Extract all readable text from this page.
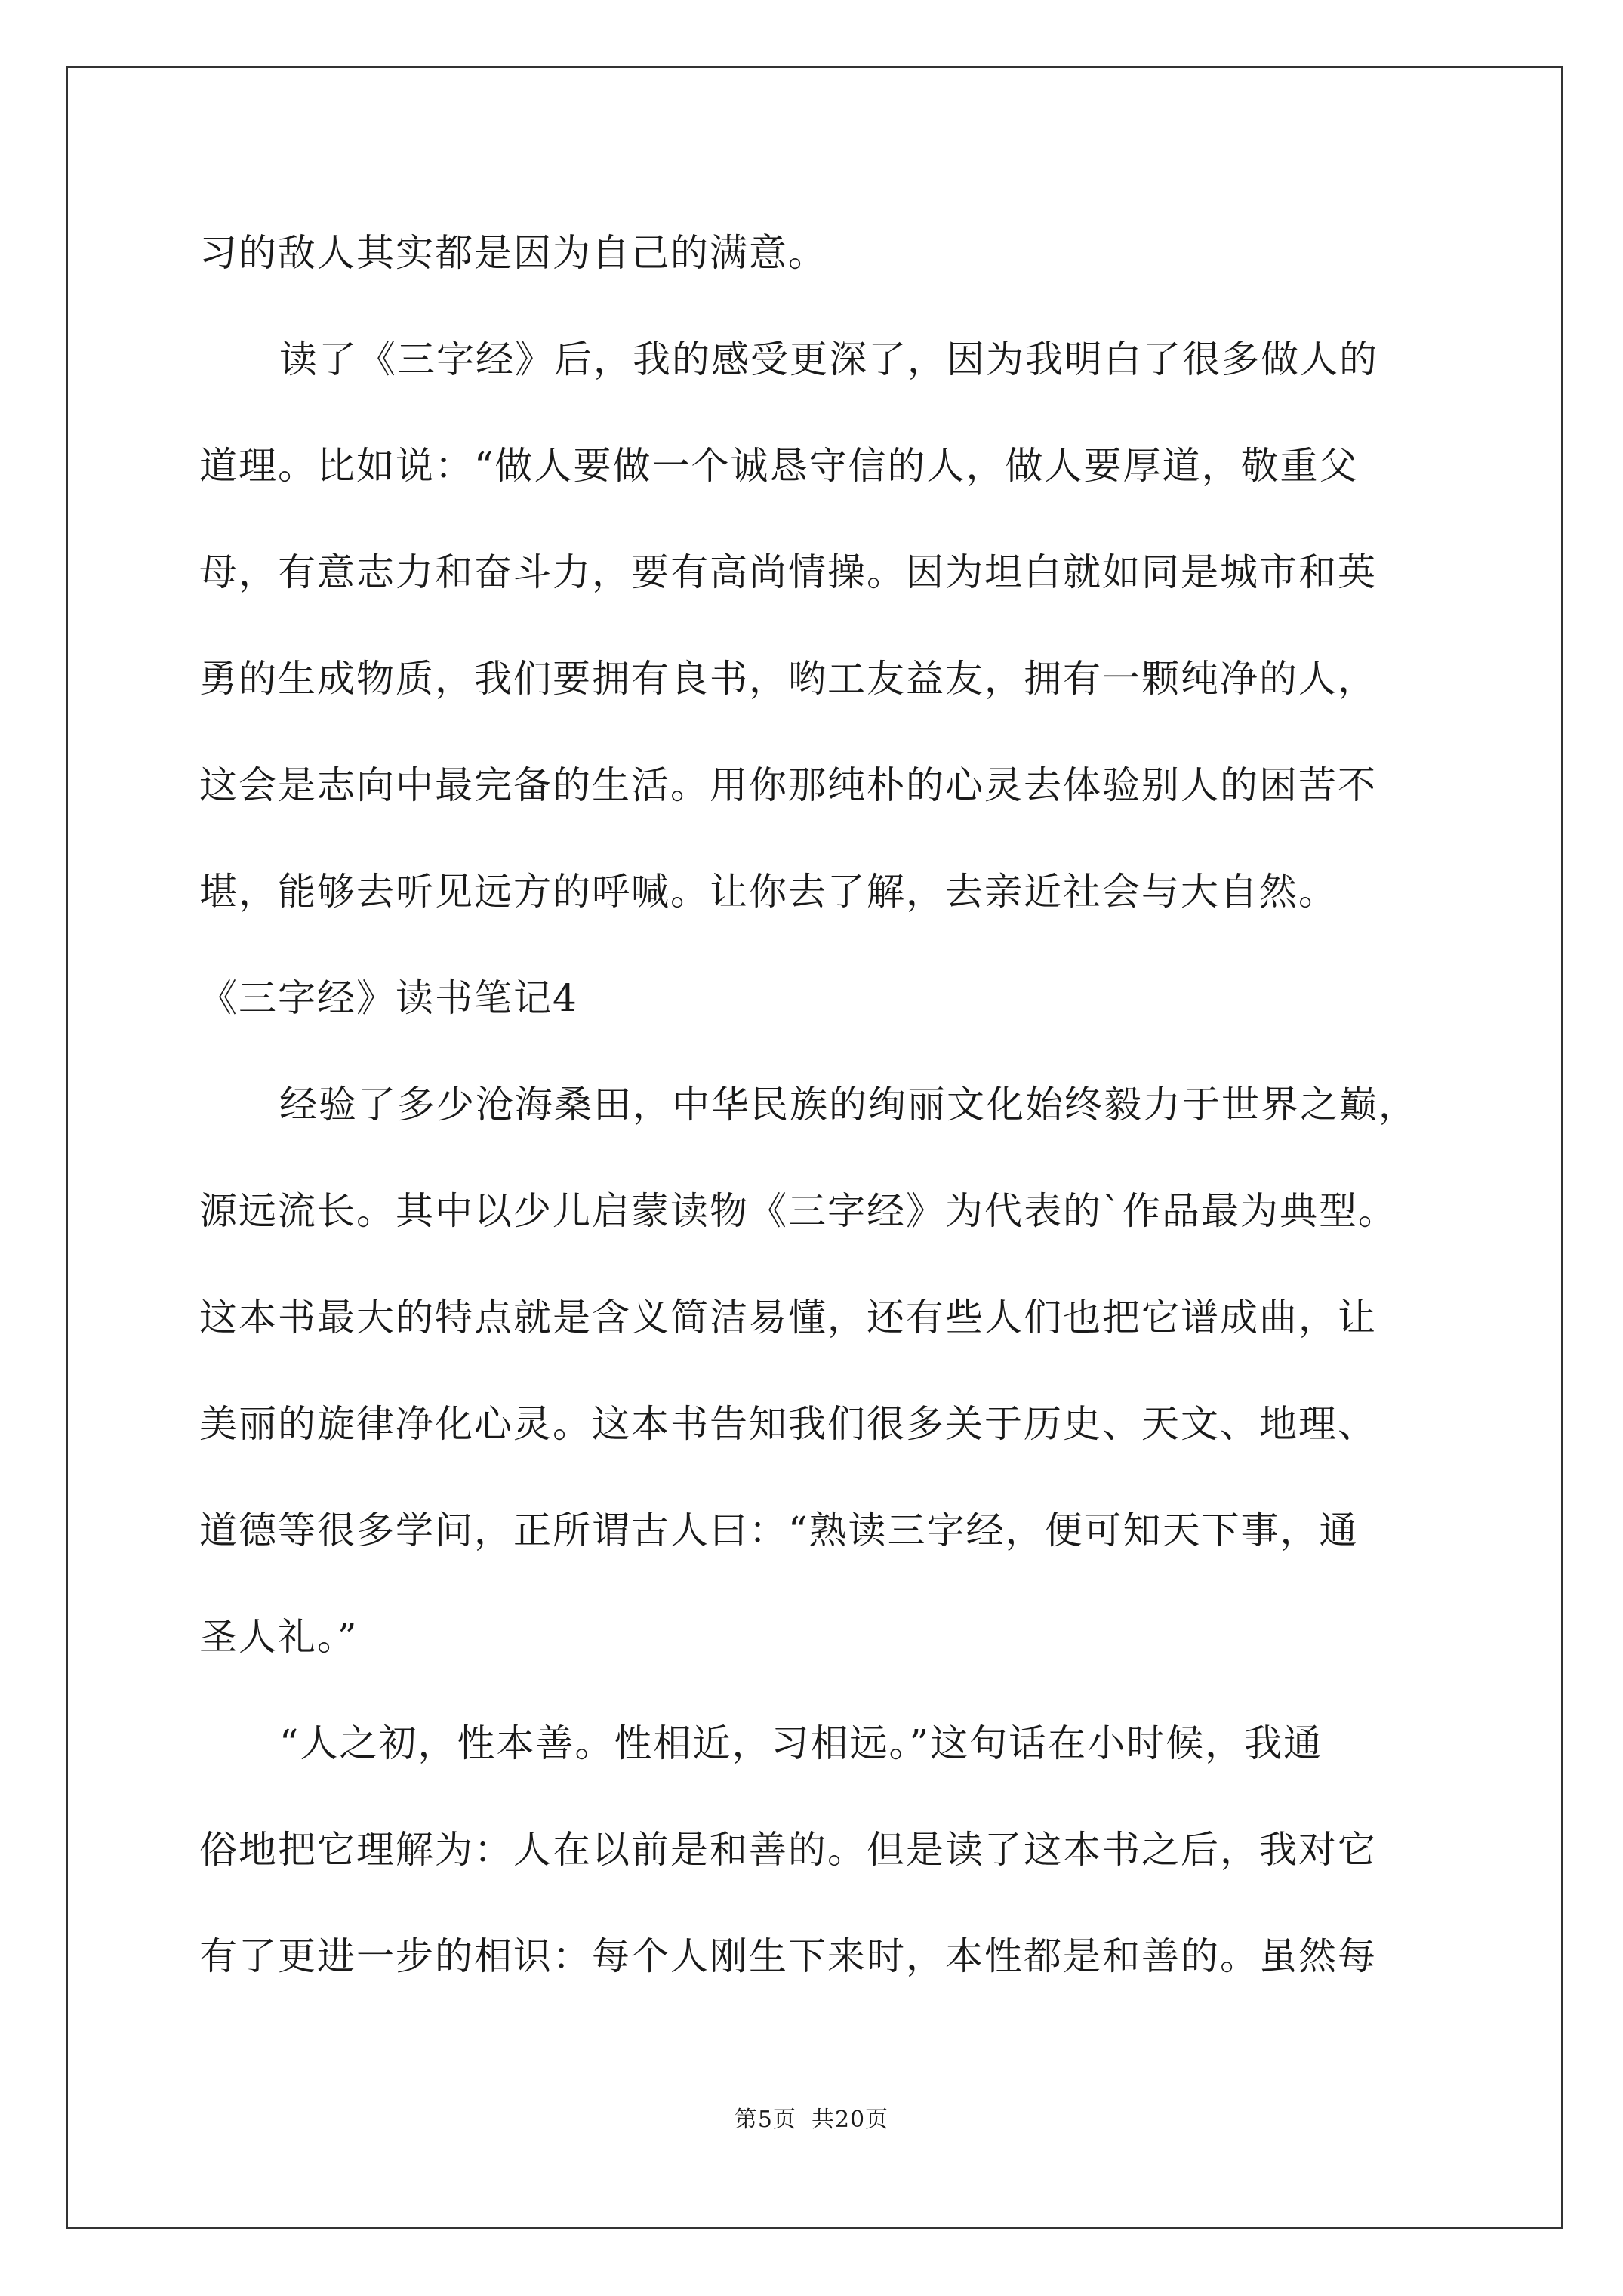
习的敌人其实都是因为自己的满意。
读了《三字经》后，我的感受更深了，因为我明白了很多做人的
道理。比如说：“做人要做一个诚恳守信的人，做人要厚道，敬重父
母，有意志力和奋斗力，要有高尚情操。因为坦白就如同是城市和英
勇的生成物质，我们要拥有良书，哟工友益友，拥有一颗纯净的人，
这会是志向中最完备的生活。用你那纯朴的心灵去体验别人的困苦不
堪，能够去听见远方的呼喊。让你去了解，去亲近社会与大自然。
《三字经》读书笔记4
经验了多少沧海桑田，中华民族的绚丽文化始终毅力于世界之巅，
源远流长。其中以少儿启蒙读物《三字经》为代表的`作品最为典型。
这本书最大的特点就是含义简洁易懂，还有些人们也把它谱成曲，让
美丽的旋律净化心灵。这本书告知我们很多关于历史、天文、地理、
道德等很多学问，正所谓古人曰：“熟读三字经，便可知天下事，通
圣人礼。”
“人之初，性本善。性相近，习相远。”这句话在小时候，我通
俗地把它理解为：人在以前是和善的。但是读了这本书之后，我对它
有了更进一步的相识：每个人刚生下来时，本性都是和善的。虽然每
第5页 共20页
